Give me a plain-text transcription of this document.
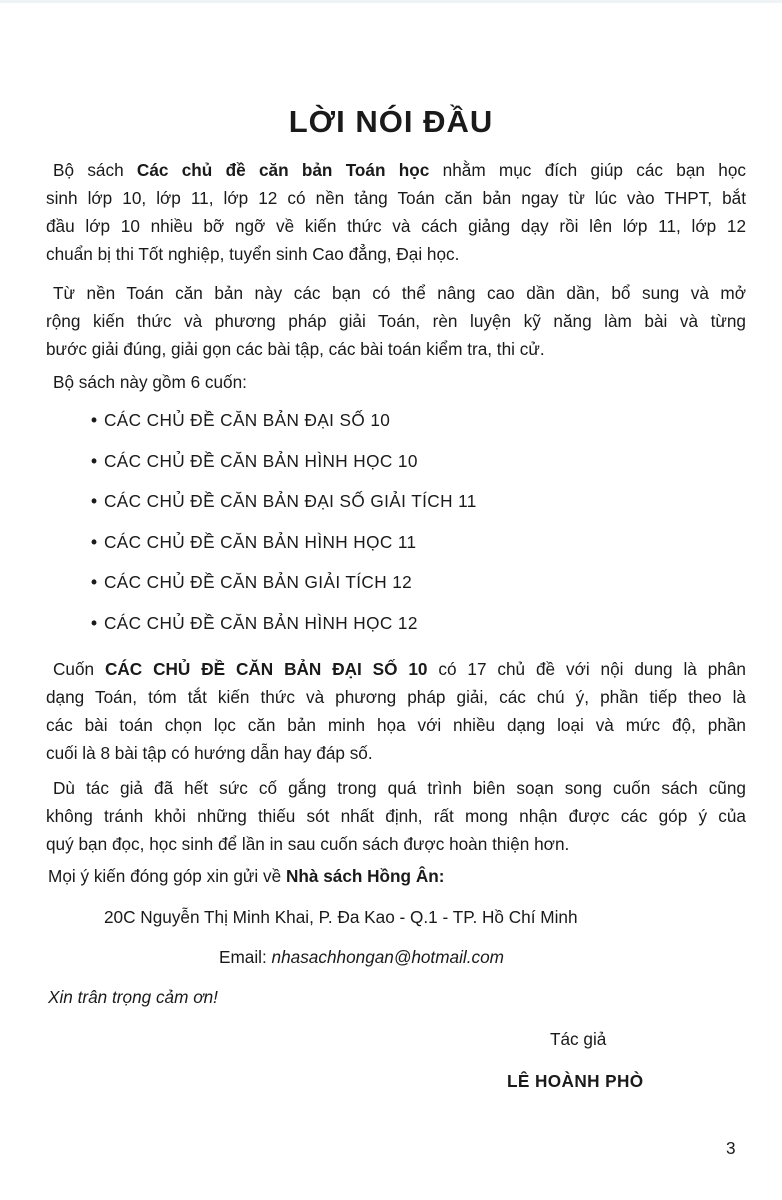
LỜI NÓI ĐẦU

Bộ sách Các chủ đề căn bản Toán học nhằm mục đích giúp các bạn học
sinh lớp 10, lớp 11, lớp 12 có nền tảng Toán căn bản ngay từ lúc vào THPT, bắt
đầu lớp 10 nhiều bỡ ngỡ về kiến thức và cách giảng dạy rồi lên lớp 11, lớp 12
chuẩn bị thi Tốt nghiệp, tuyển sinh Cao đẳng, Đại học.

Từ nền Toán căn bản này các bạn có thể nâng cao dần dần, bổ sung và mở
rộng kiến thức và phương pháp giải Toán, rèn luyện kỹ năng làm bài và từng
bước giải đúng, giải gọn các bài tập, các bài toán kiểm tra, thi cử.

Bộ sách này gồm 6 cuốn:

• CÁC CHỦ ĐỀ CĂN BẢN ĐẠI SỐ 10
• CÁC CHỦ ĐỀ CĂN BẢN HÌNH HỌC 10
• CÁC CHỦ ĐỀ CĂN BẢN ĐẠI SỐ GIẢI TÍCH 11
• CÁC CHỦ ĐỀ CĂN BẢN HÌNH HỌC 11
• CÁC CHỦ ĐỀ CĂN BẢN GIẢI TÍCH 12
• CÁC CHỦ ĐỀ CĂN BẢN HÌNH HỌC 12

Cuốn CÁC CHỦ ĐỀ CĂN BẢN ĐẠI SỐ 10 có 17 chủ đề với nội dung là phân
dạng Toán, tóm tắt kiến thức và phương pháp giải, các chú ý, phần tiếp theo là
các bài toán chọn lọc căn bản minh họa với nhiều dạng loại và mức độ, phần
cuối là 8 bài tập có hướng dẫn hay đáp số.

Dù tác giả đã hết sức cố gắng trong quá trình biên soạn song cuốn sách cũng
không tránh khỏi những thiếu sót nhất định, rất mong nhận được các góp ý của
quý bạn đọc, học sinh để lần in sau cuốn sách được hoàn thiện hơn.

Mọi ý kiến đóng góp xin gửi về Nhà sách Hồng Ân:

20C Nguyễn Thị Minh Khai, P. Đa Kao - Q.1 - TP. Hồ Chí Minh

Email: nhasachhongan@hotmail.com

Xin trân trọng cảm ơn!

Tác giả

LÊ HOÀNH PHÒ

3
